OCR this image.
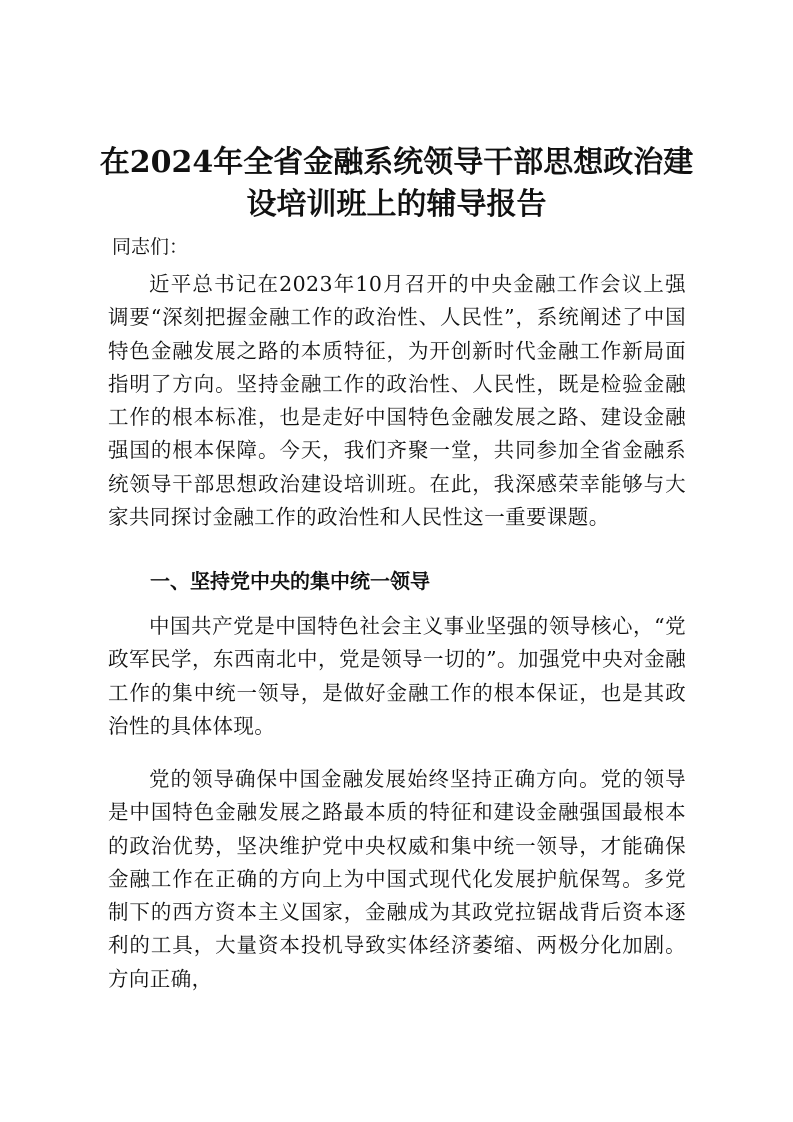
在2024年全省金融系统领导干部思想政治建
设培训班上的辅导报告
同志们：

近平总书记在2023年10月召开的中央金融工作会议上强调要“深刻把握金融工作的政治性、人民性”，系统阐述了中国特色金融发展之路的本质特征，为开创新时代金融工作新局面指明了方向。坚持金融工作的政治性、人民性，既是检验金融工作的根本标准，也是走好中国特色金融发展之路、建设金融强国的根本保障。今天，我们齐聚一堂，共同参加全省金融系统领导干部思想政治建设培训班。在此，我深感荣幸能够与大家共同探讨金融工作的政治性和人民性这一重要课题。

一、坚持党中央的集中统一领导

中国共产党是中国特色社会主义事业坚强的领导核心，“党政军民学，东西南北中，党是领导一切的”。加强党中央对金融工作的集中统一领导，是做好金融工作的根本保证，也是其政治性的具体体现。

党的领导确保中国金融发展始终坚持正确方向。党的领导是中国特色金融发展之路最本质的特征和建设金融强国最根本的政治优势，坚决维护党中央权威和集中统一领导，才能确保金融工作在正确的方向上为中国式现代化发展护航保驾。多党制下的西方资本主义国家，金融成为其政党拉锯战背后资本逐利的工具，大量资本投机导致实体经济萎缩、两极分化加剧。方向正确，
